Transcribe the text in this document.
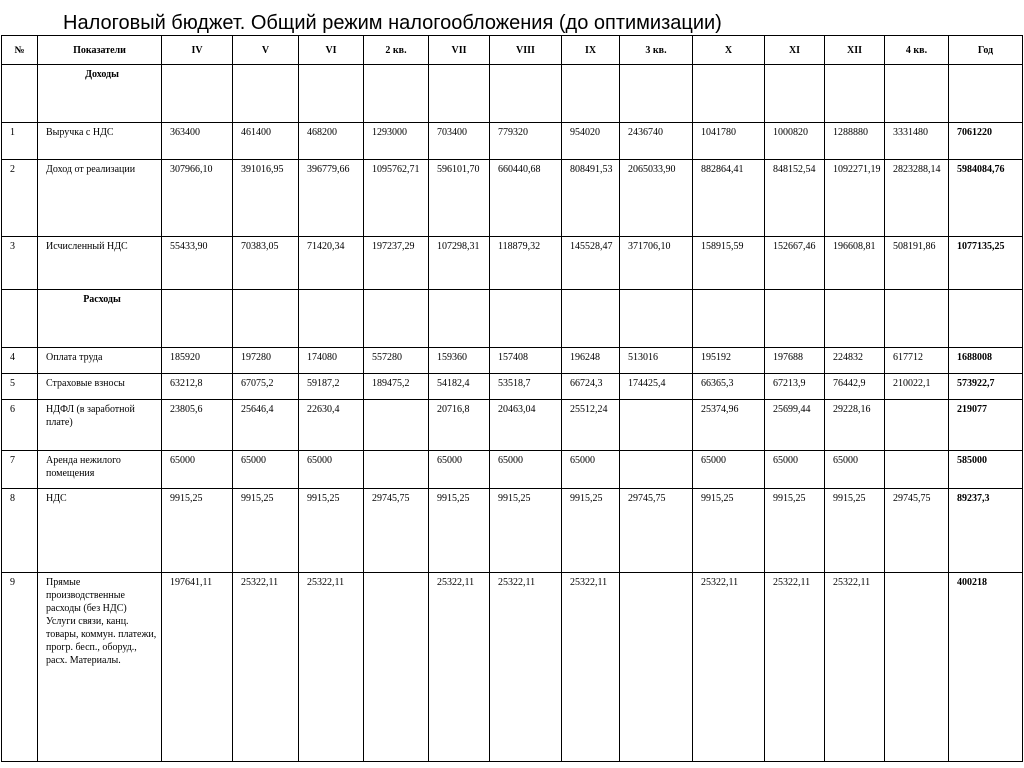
Налоговый бюджет. Общий режим налогообложения (до оптимизации)
№	Показатели	IV	V	VI	2 кв.	VII	VIII	IX	3 кв.	X	XI	XII	4 кв.	Год
	Доходы													
1	Выручка с НДС	363400	461400	468200	1293000	703400	779320	954020	2436740	1041780	1000820	1288880	3331480	7061220
2	Доход от реализации	307966,10	391016,95	396779,66	1095762,71	596101,70	660440,68	808491,53	2065033,90	882864,41	848152,54	1092271,19	2823288,14	5984084,76
3	Исчисленный НДС	55433,90	70383,05	71420,34	197237,29	107298,31	118879,32	145528,47	371706,10	158915,59	152667,46	196608,81	508191,86	1077135,25
	Расходы													
4	Оплата труда	185920	197280	174080	557280	159360	157408	196248	513016	195192	197688	224832	617712	1688008
5	Страховые взносы	63212,8	67075,2	59187,2	189475,2	54182,4	53518,7	66724,3	174425,4	66365,3	67213,9	76442,9	210022,1	573922,7
6	НДФЛ (в заработной плате)	23805,6	25646,4	22630,4		20716,8	20463,04	25512,24		25374,96	25699,44	29228,16		219077
7	Аренда нежилого помещения	65000	65000	65000		65000	65000	65000		65000	65000	65000		585000
8	НДС	9915,25	9915,25	9915,25	29745,75	9915,25	9915,25	9915,25	29745,75	9915,25	9915,25	9915,25	29745,75	89237,3
9	Прямые производственные расходы (без НДС) Услуги связи, канц. товары, коммун. платежи, прогр. бесп., оборуд., расх. Материалы.	197641,11	25322,11	25322,11		25322,11	25322,11	25322,11		25322,11	25322,11	25322,11		400218
